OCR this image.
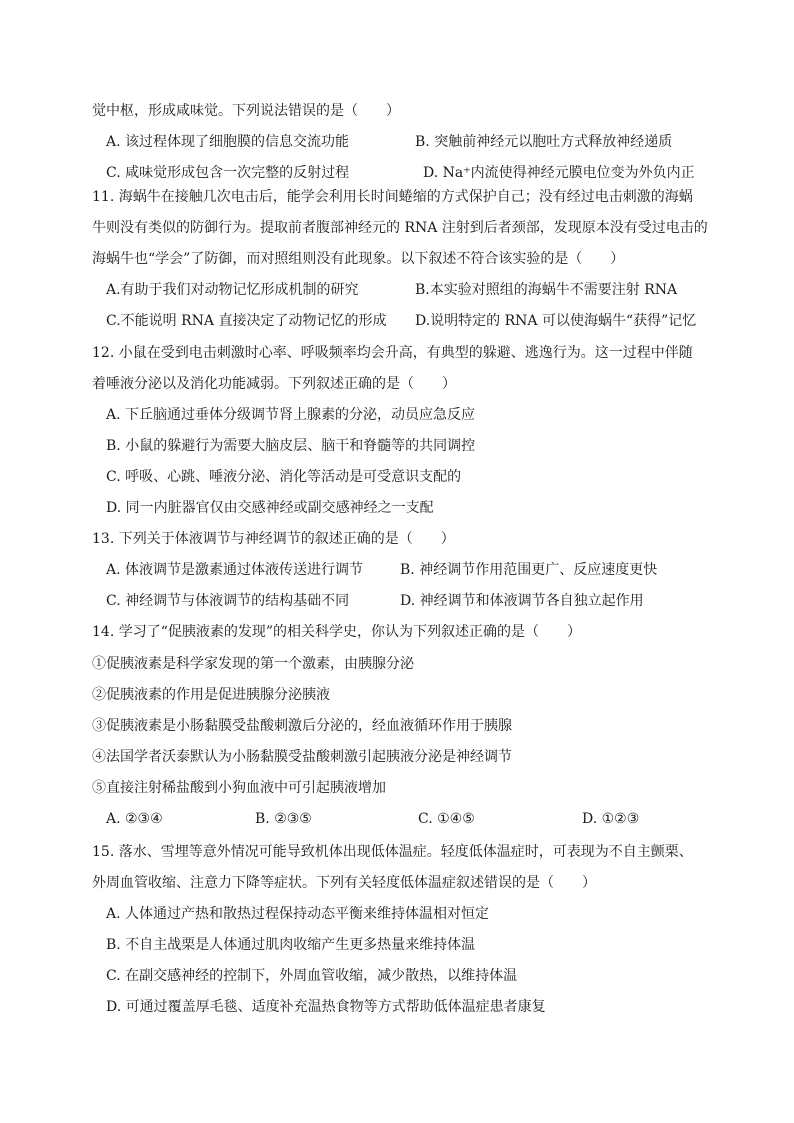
觉中枢，形成咸味觉。下列说法错误的是（　　）
A. 该过程体现了细胞膜的信息交流功能	B. 突触前神经元以胞吐方式释放神经递质
C. 咸味觉形成包含一次完整的反射过程	D. Na⁺内流使得神经元膜电位变为外负内正
11. 海蜗牛在接触几次电击后，能学会利用长时间蜷缩的方式保护自己；没有经过电击刺激的海蜗
牛则没有类似的防御行为。提取前者腹部神经元的 RNA 注射到后者颈部，发现原本没有受过电击的
海蜗牛也“学会”了防御，而对照组则没有此现象。以下叙述不符合该实验的是（　　）
A.有助于我们对动物记忆形成机制的研究	B.本实验对照组的海蜗牛不需要注射 RNA
C.不能说明 RNA 直接决定了动物记忆的形成 D.说明特定的 RNA 可以使海蜗牛“获得”记忆
12. 小鼠在受到电击刺激时心率、呼吸频率均会升高，有典型的躲避、逃逸行为。这一过程中伴随
着唾液分泌以及消化功能减弱。下列叙述正确的是（　　）
A. 下丘脑通过垂体分级调节肾上腺素的分泌，动员应急反应
B. 小鼠的躲避行为需要大脑皮层、脑干和脊髓等的共同调控
C. 呼吸、心跳、唾液分泌、消化等活动是可受意识支配的
D. 同一内脏器官仅由交感神经或副交感神经之一支配
13. 下列关于体液调节与神经调节的叙述正确的是（　　）
A. 体液调节是激素通过体液传送进行调节	B. 神经调节作用范围更广、反应速度更快
C. 神经调节与体液调节的结构基础不同	D. 神经调节和体液调节各自独立起作用
14. 学习了“促胰液素的发现”的相关科学史，你认为下列叙述正确的是（　　）
①促胰液素是科学家发现的第一个激素，由胰腺分泌
②促胰液素的作用是促进胰腺分泌胰液
③促胰液素是小肠黏膜受盐酸刺激后分泌的，经血液循环作用于胰腺
④法国学者沃泰默认为小肠黏膜受盐酸刺激引起胰液分泌是神经调节
⑤直接注射稀盐酸到小狗血液中可引起胰液增加
A. ②③④	B. ②③⑤	C. ①④⑤	D. ①②③
15. 落水、雪埋等意外情况可能导致机体出现低体温症。轻度低体温症时，可表现为不自主颤栗、
外周血管收缩、注意力下降等症状。下列有关轻度低体温症叙述错误的是（　　）
A. 人体通过产热和散热过程保持动态平衡来维持体温相对恒定
B. 不自主战栗是人体通过肌肉收缩产生更多热量来维持体温
C. 在副交感神经的控制下，外周血管收缩，减少散热，以维持体温
D. 可通过覆盖厚毛毯、适度补充温热食物等方式帮助低体温症患者康复
